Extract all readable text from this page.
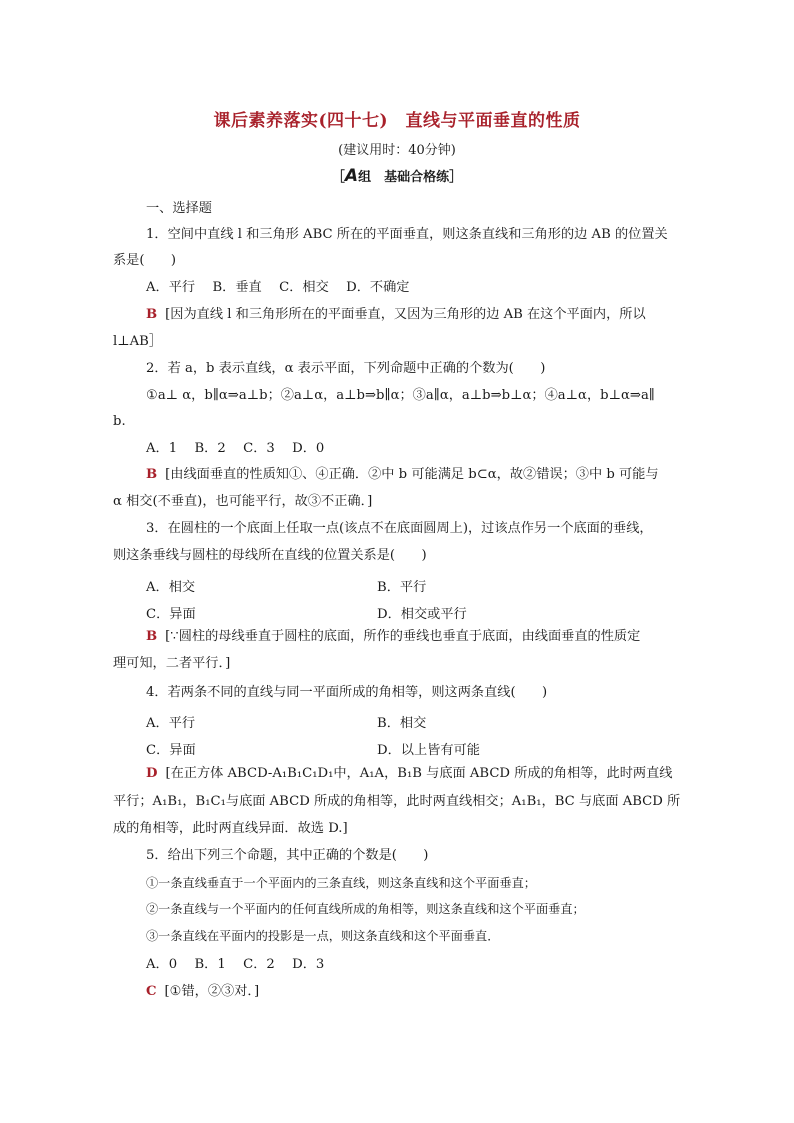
课后素养落实(四十七)　直线与平面垂直的性质
(建议用时：40分钟)
［A组　基础合格练］
一、选择题
1．空间中直线 l 和三角形 ABC 所在的平面垂直，则这条直线和三角形的边 AB 的位置关
系是(　　)
A．平行　 B．垂直　 C．相交　 D．不确定
B [因为直线 l 和三角形所在的平面垂直，又因为三角形的边 AB 在这个平面内，所以
l⊥AB］
2．若 a，b 表示直线，α 表示平面，下列命题中正确的个数为(　　)
①a⊥ α，b∥α⇒a⊥b；②a⊥α，a⊥b⇒b∥α；③a∥α，a⊥b⇒b⊥α；④a⊥α，b⊥α⇒a∥
b.
A．1　 B．2　 C．3　 D．0
B [由线面垂直的性质知①、④正确．②中 b 可能满足 b⊂α，故②错误；③中 b 可能与
α 相交(不垂直)，也可能平行，故③不正确．]
3．在圆柱的一个底面上任取一点(该点不在底面圆周上)，过该点作另一个底面的垂线，
则这条垂线与圆柱的母线所在直线的位置关系是(　　)
A．相交	B．平行
C．异面	D．相交或平行
B [∵圆柱的母线垂直于圆柱的底面，所作的垂线也垂直于底面，由线面垂直的性质定
理可知，二者平行．]
4．若两条不同的直线与同一平面所成的角相等，则这两条直线(　　)
A．平行	B．相交
C．异面	D．以上皆有可能
D [在正方体 ABCD-A₁B₁C₁D₁中，A₁A，B₁B 与底面 ABCD 所成的角相等，此时两直线
平行；A₁B₁，B₁C₁与底面 ABCD 所成的角相等，此时两直线相交；A₁B₁，BC 与底面 ABCD 所
成的角相等，此时两直线异面．故选 D.]
5．给出下列三个命题，其中正确的个数是(　　)
①一条直线垂直于一个平面内的三条直线，则这条直线和这个平面垂直；
②一条直线与一个平面内的任何直线所成的角相等，则这条直线和这个平面垂直；
③一条直线在平面内的投影是一点，则这条直线和这个平面垂直．
A．0　 B．1　 C．2　 D．3
C [①错，②③对．]
